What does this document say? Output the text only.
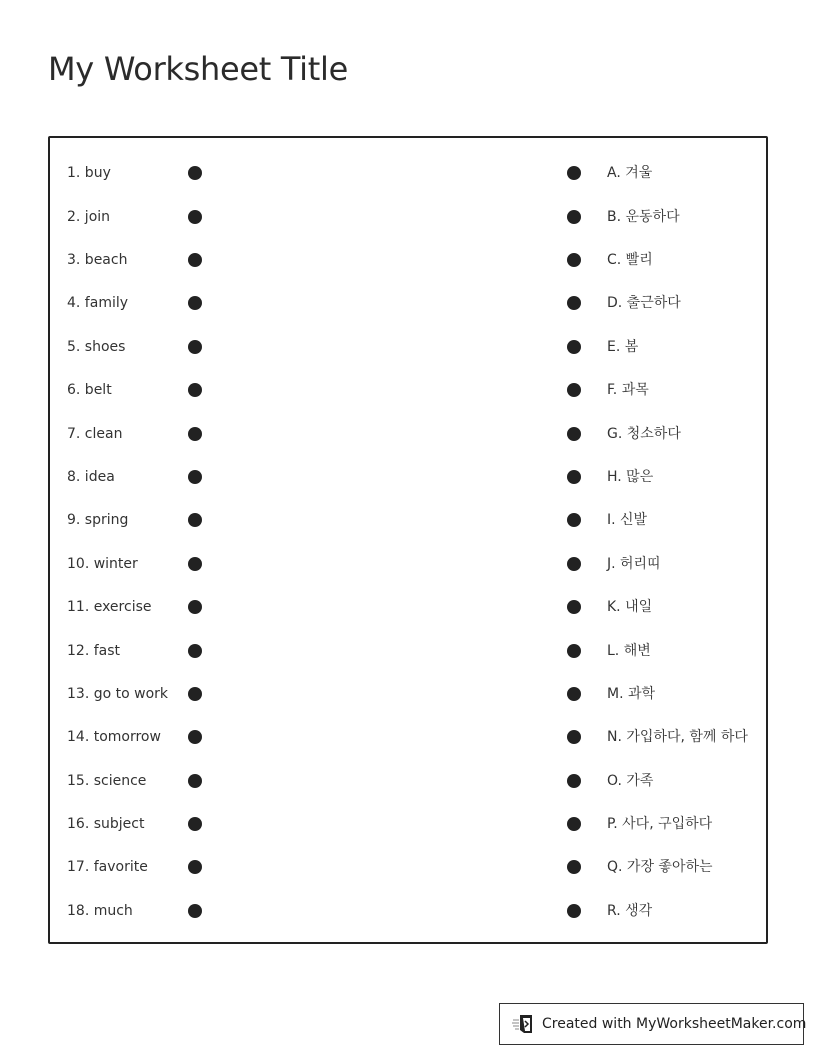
My Worksheet Title
1. buy	A. 겨울
2. join	B. 운동하다
3. beach	C. 빨리
4. family	D. 출근하다
5. shoes	E. 봄
6. belt	F. 과목
7. clean	G. 청소하다
8. idea	H. 많은
9. spring	I. 신발
10. winter	J. 허리띠
11. exercise	K. 내일
12. fast	L. 해변
13. go to work	M. 과학
14. tomorrow	N. 가입하다, 함께 하다
15. science	O. 가족
16. subject	P. 사다, 구입하다
17. favorite	Q. 가장 좋아하는
18. much	R. 생각
Created with MyWorksheetMaker.com
